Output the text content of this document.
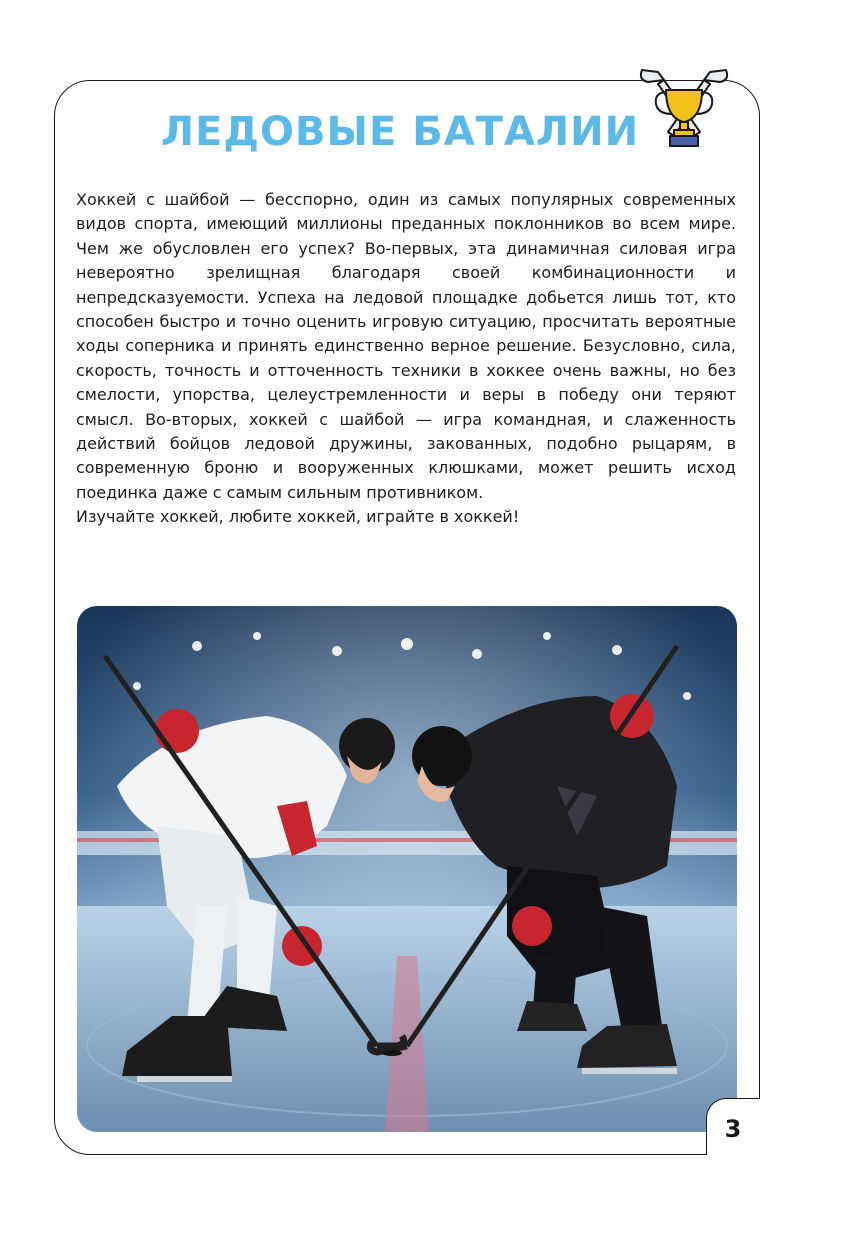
ЛЕДОВЫЕ БАТАЛИИ

Хоккей с шайбой — бесспорно, один из самых популярных современных видов спорта, имеющий миллионы преданных поклонников во всем мире. Чем же обусловлен его успех? Во-первых, эта динамичная силовая игра невероятно зрелищная благодаря своей комбинационности и непредсказуемости. Успеха на ледовой площадке добьется лишь тот, кто способен быстро и точно оценить игровую ситуацию, просчитать вероятные ходы соперника и принять единственно верное решение. Безусловно, сила, скорость, точность и отточенность техники в хоккее очень важны, но без смелости, упорства, целеустремленности и веры в победу они теряют смысл. Во-вторых, хоккей с шайбой — игра командная, и слаженность действий бойцов ледовой дружины, закованных, подобно рыцарям, в современную броню и вооруженных клюшками, может решить исход поединка даже с самым сильным противником.

Изучайте хоккей, любите хоккей, играйте в хоккей!

3
